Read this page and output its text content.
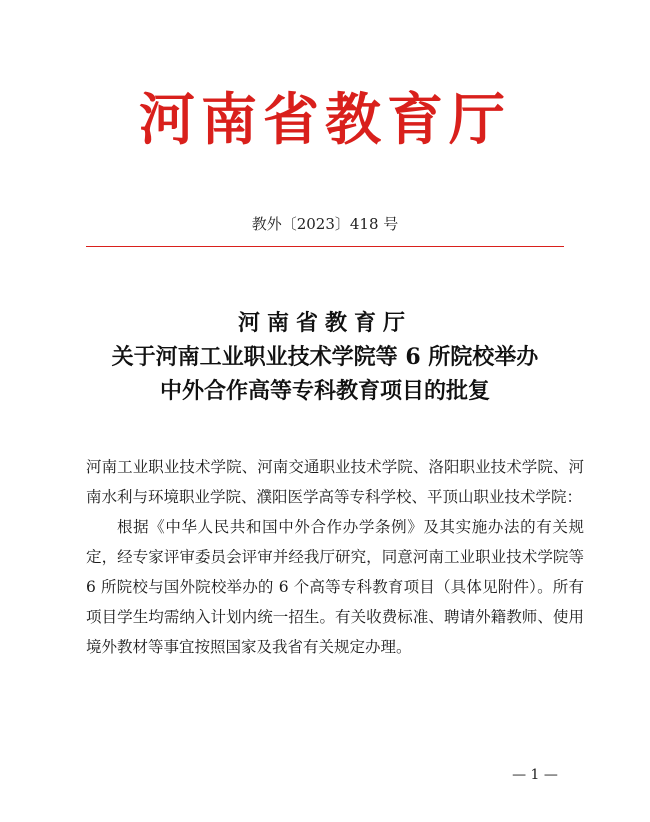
河南省教育厅
教外〔2023〕418 号
河南省教育厅
关于河南工业职业技术学院等 6 所院校举办
中外合作高等专科教育项目的批复

河南工业职业技术学院、河南交通职业技术学院、洛阳职业技术学院、河南水利与环境职业学院、濮阳医学高等专科学校、平顶山职业技术学院：

根据《中华人民共和国中外合作办学条例》及其实施办法的有关规定，经专家评审委员会评审并经我厅研究，同意河南工业职业技术学院等 6 所院校与国外院校举办的 6 个高等专科教育项目（具体见附件）。所有项目学生均需纳入计划内统一招生。有关收费标准、聘请外籍教师、使用境外教材等事宜按照国家及我省有关规定办理。

— 1 —
